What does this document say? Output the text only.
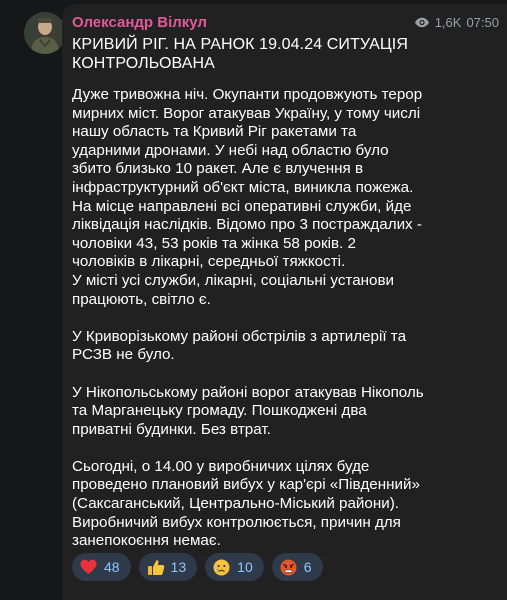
Олександр Вілкул	1,6K 07:50
КРИВИЙ РІГ. НА РАНОК 19.04.24 СИТУАЦІЯ
КОНТРОЛЬОВАНА

Дуже тривожна ніч. Окупанти продовжують терор
мирних міст. Ворог атакував Україну, у тому числі
нашу область та Кривий Ріг ракетами та
ударними дронами. У небі над областю було
збито близько 10 ракет. Але є влучення в
інфраструктурний об'єкт міста, виникла пожежа.
На місце направлені всі оперативні служби, йде
ліквідація наслідків. Відомо про 3 постраждалих -
чоловіки 43, 53 років та жінка 58 років. 2
чоловіків в лікарні, середньої тяжкості.
У місті усі служби, лікарні, соціальні установи
працюють, світло є.

У Криворізькому районі обстрілів з артилерії та
РСЗВ не було.

У Нікопольському районі ворог атакував Нікополь
та Марганецьку громаду. Пошкоджені два
приватні будинки. Без втрат.

Сьогодні, о 14.00 у виробничих цілях буде
проведено плановий вибух у кар'єрі «Південний»
(Саксаганський, Центрально-Міський райони).
Виробничий вибух контролюється, причин для
занепокоєння немає.

48	13	10	6
